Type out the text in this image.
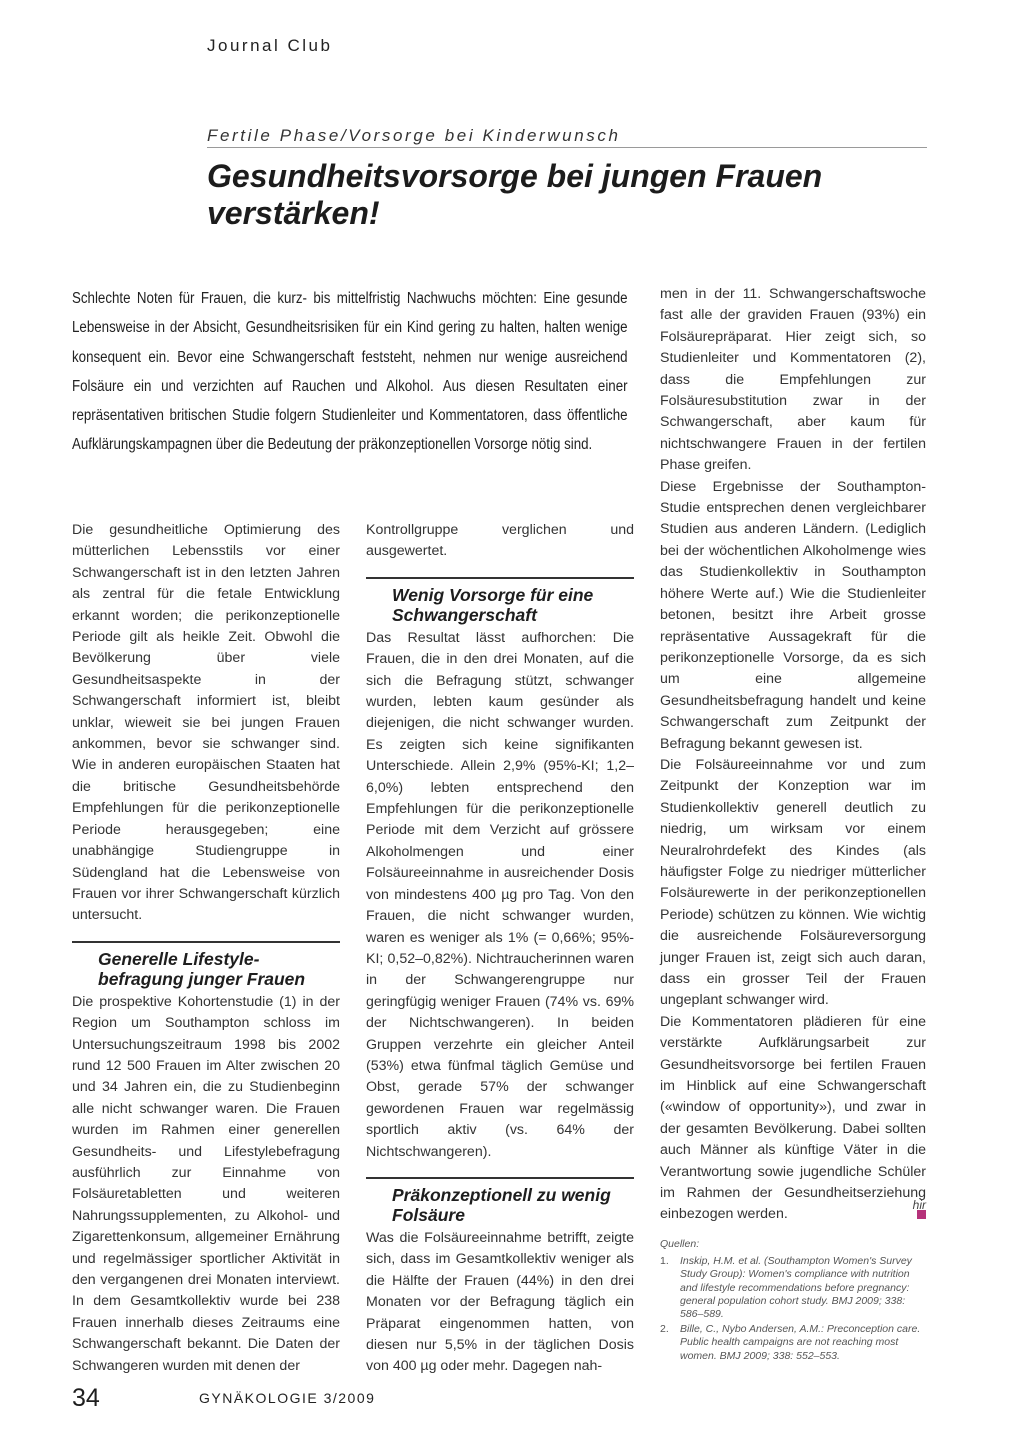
Journal Club
Fertile Phase/Vorsorge bei Kinderwunsch
Gesundheitsvorsorge bei jungen Frauen verstärken!

Schlechte Noten für Frauen, die kurz- bis mittelfristig Nachwuchs möchten: Eine gesunde Lebensweise in der Absicht, Gesundheitsrisiken für ein Kind gering zu halten, halten wenige konsequent ein. Bevor eine Schwangerschaft feststeht, nehmen nur wenige ausreichend Folsäure ein und verzichten auf Rauchen und Alkohol. Aus diesen Resultaten einer repräsentativen britischen Studie folgern Studienleiter und Kommentatoren, dass öffentliche Aufklärungskampagnen über die Bedeutung der präkonzeptionellen Vorsorge nötig sind.

Die gesundheitliche Optimierung des mütterlichen Lebensstils vor einer Schwangerschaft ist in den letzten Jahren als zentral für die fetale Entwicklung erkannt worden; die perikonzeptionelle Periode gilt als heikle Zeit. Obwohl die Bevölkerung über viele Gesundheitsaspekte in der Schwangerschaft informiert ist, bleibt unklar, wieweit sie bei jungen Frauen ankommen, bevor sie schwanger sind. Wie in anderen europäischen Staaten hat die britische Gesundheitsbehörde Empfehlungen für die perikonzeptionelle Periode herausgegeben; eine unabhängige Studiengruppe in Südengland hat die Lebensweise von Frauen vor ihrer Schwangerschaft kürzlich untersucht.

Generelle Lifestyle-befragung junger Frauen

Die prospektive Kohortenstudie (1) in der Region um Southampton schloss im Untersuchungszeitraum 1998 bis 2002 rund 12 500 Frauen im Alter zwischen 20 und 34 Jahren ein, die zu Studienbeginn alle nicht schwanger waren. Die Frauen wurden im Rahmen einer generellen Gesundheits- und Lifestylebefragung ausführlich zur Einnahme von Folsäuretabletten und weiteren Nahrungssupplementen, zu Alkohol- und Zigarettenkonsum, allgemeiner Ernährung und regelmässiger sportlicher Aktivität in den vergangenen drei Monaten interviewt. In dem Gesamtkollektiv wurde bei 238 Frauen innerhalb dieses Zeitraums eine Schwangerschaft bekannt. Die Daten der Schwangeren wurden mit denen der

Kontrollgruppe verglichen und ausgewertet.

Wenig Vorsorge für eine Schwangerschaft

Das Resultat lässt aufhorchen: Die Frauen, die in den drei Monaten, auf die sich die Befragung stützt, schwanger wurden, lebten kaum gesünder als diejenigen, die nicht schwanger wurden. Es zeigten sich keine signifikanten Unterschiede. Allein 2,9% (95%-KI; 1,2–6,0%) lebten entsprechend den Empfehlungen für die perikonzeptionelle Periode mit dem Verzicht auf grössere Alkoholmengen und einer Folsäureeinnahme in ausreichender Dosis von mindestens 400 µg pro Tag. Von den Frauen, die nicht schwanger wurden, waren es weniger als 1% (= 0,66%; 95%-KI; 0,52–0,82%). Nichtraucherinnen waren in der Schwangerengruppe nur geringfügig weniger Frauen (74% vs. 69% der Nichtschwangeren). In beiden Gruppen verzehrte ein gleicher Anteil (53%) etwa fünfmal täglich Gemüse und Obst, gerade 57% der schwanger gewordenen Frauen war regelmässig sportlich aktiv (vs. 64% der Nichtschwangeren).

Präkonzeptionell zu wenig Folsäure

Was die Folsäureeinnahme betrifft, zeigte sich, dass im Gesamtkollektiv weniger als die Hälfte der Frauen (44%) in den drei Monaten vor der Befragung täglich ein Präparat eingenommen hatten, von diesen nur 5,5% in der täglichen Dosis von 400 µg oder mehr. Dagegen nah-

men in der 11. Schwangerschaftswoche fast alle der graviden Frauen (93%) ein Folsäurepräparat. Hier zeigt sich, so Studienleiter und Kommentatoren (2), dass die Empfehlungen zur Folsäuresubstitution zwar in der Schwangerschaft, aber kaum für nichtschwangere Frauen in der fertilen Phase greifen.

Diese Ergebnisse der Southampton-Studie entsprechen denen vergleichbarer Studien aus anderen Ländern. (Lediglich bei der wöchentlichen Alkoholmenge wies das Studienkollektiv in Southampton höhere Werte auf.) Wie die Studienleiter betonen, besitzt ihre Arbeit grosse repräsentative Aussagekraft für die perikonzeptionelle Vorsorge, da es sich um eine allgemeine Gesundheitsbefragung handelt und keine Schwangerschaft zum Zeitpunkt der Befragung bekannt gewesen ist.

Die Folsäureeinnahme vor und zum Zeitpunkt der Konzeption war im Studienkollektiv generell deutlich zu niedrig, um wirksam vor einem Neuralrohrdefekt des Kindes (als häufigster Folge zu niedriger mütterlicher Folsäurewerte in der perikonzeptionellen Periode) schützen zu können. Wie wichtig die ausreichende Folsäureversorgung junger Frauen ist, zeigt sich auch daran, dass ein grosser Teil der Frauen ungeplant schwanger wird.

Die Kommentatoren plädieren für eine verstärkte Aufklärungsarbeit zur Gesundheitsvorsorge bei fertilen Frauen im Hinblick auf eine Schwangerschaft («window of opportunity»), und zwar in der gesamten Bevölkerung. Dabei sollten auch Männer als künftige Väter in die Verantwortung sowie jugendliche Schüler im Rahmen der Gesundheitserziehung einbezogen werden.

hir

Quellen:

1.	Inskip, H.M. et al. (Southampton Women's Survey Study Group): Women's compliance with nutrition and lifestyle recommendations before pregnancy: general population cohort study. BMJ 2009; 338: 586–589.
2.	Bille, C., Nybo Andersen, A.M.: Preconception care. Public health campaigns are not reaching most women. BMJ 2009; 338: 552–553.
34	GYNÄKOLOGIE 3/2009
